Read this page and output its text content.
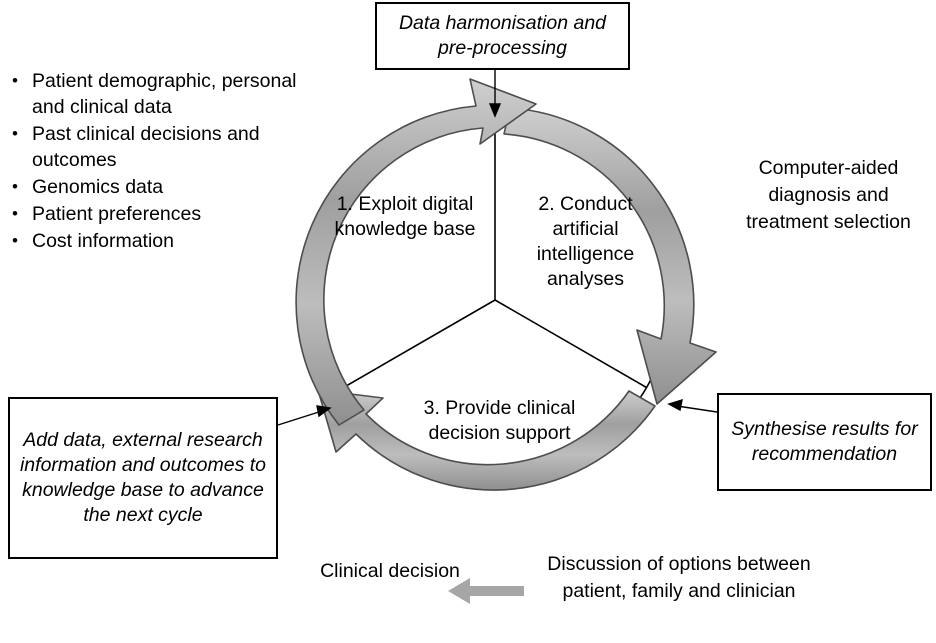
• Patient demographic, personal and clinical data
• Past clinical decisions and outcomes
• Genomics data
• Patient preferences
• Cost information
Data harmonisation and pre-processing
Synthesise results for recommendation
Add data, external research information and outcomes to knowledge base to advance the next cycle
Computer-aided diagnosis and treatment selection
Discussion of options between patient, family and clinician
Clinical decision
1. Exploit digital knowledge base
2. Conduct artificial intelligence analyses
3. Provide clinical decision support
